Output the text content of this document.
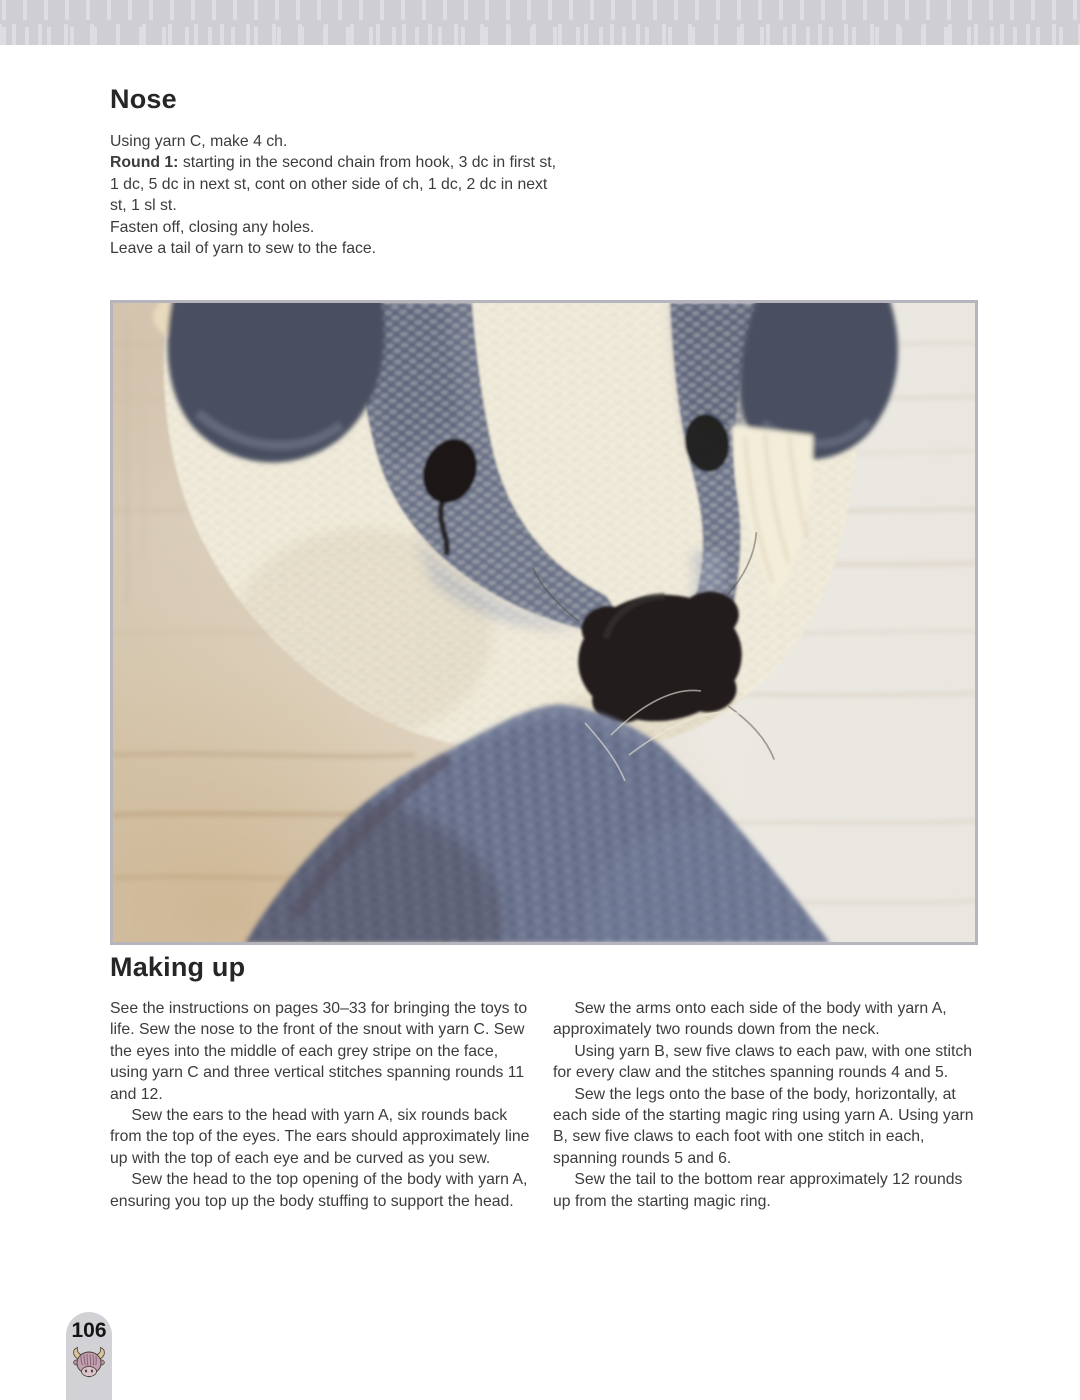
Nose

Using yarn C, make 4 ch.

Round 1: starting in the second chain from hook, 3 dc in first st, 1 dc, 5 dc in next st, cont on other side of ch, 1 dc, 2 dc in next st, 1 sl st.

Fasten off, closing any holes.

Leave a tail of yarn to sew to the face.

Making up

See the instructions on pages 30–33 for bringing the toys to life. Sew the nose to the front of the snout with yarn C. Sew the eyes into the middle of each grey stripe on the face, using yarn C and three vertical stitches spanning rounds 11 and 12.

Sew the ears to the head with yarn A, six rounds back from the top of the eyes. The ears should approximately line up with the top of each eye and be curved as you sew.

Sew the head to the top opening of the body with yarn A, ensuring you top up the body stuffing to support the head.

Sew the arms onto each side of the body with yarn A, approximately two rounds down from the neck.

Using yarn B, sew five claws to each paw, with one stitch for every claw and the stitches spanning rounds 4 and 5.

Sew the legs onto the base of the body, horizontally, at each side of the starting magic ring using yarn A. Using yarn B, sew five claws to each foot with one stitch in each, spanning rounds 5 and 6.

Sew the tail to the bottom rear approximately 12 rounds up from the starting magic ring.

106
